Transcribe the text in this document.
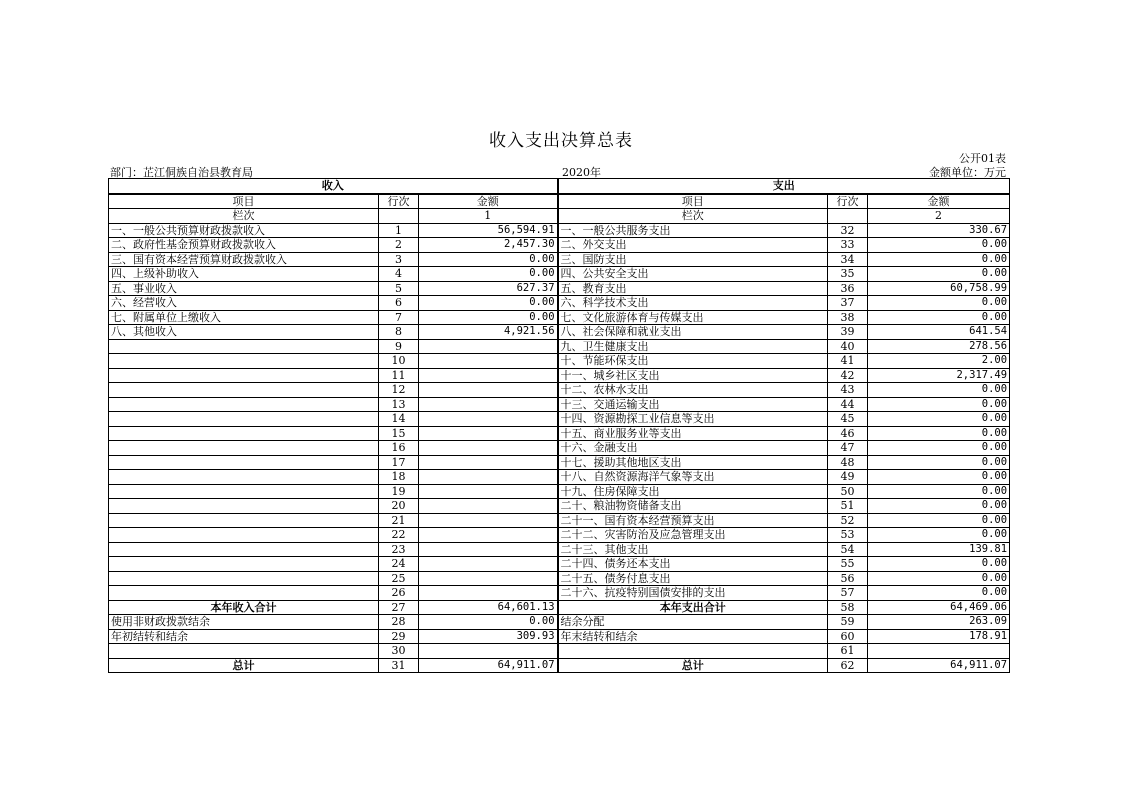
收入支出决算总表
公开01表
部门：芷江侗族自治县教育局	2020年	金额单位：万元
收入			支出		
项目	行次	金额	项目	行次	金额
栏次		1	栏次		2
一、一般公共预算财政拨款收入	1	56,594.91	一、一般公共服务支出	32	330.67
二、政府性基金预算财政拨款收入	2	2,457.30	二、外交支出	33	0.00
三、国有资本经营预算财政拨款收入	3	0.00	三、国防支出	34	0.00
四、上级补助收入	4	0.00	四、公共安全支出	35	0.00
五、事业收入	5	627.37	五、教育支出	36	60,758.99
六、经营收入	6	0.00	六、科学技术支出	37	0.00
七、附属单位上缴收入	7	0.00	七、文化旅游体育与传媒支出	38	0.00
八、其他收入	8	4,921.56	八、社会保障和就业支出	39	641.54
	9		九、卫生健康支出	40	278.56
	10		十、节能环保支出	41	2.00
	11		十一、城乡社区支出	42	2,317.49
	12		十二、农林水支出	43	0.00
	13		十三、交通运输支出	44	0.00
	14		十四、资源勘探工业信息等支出	45	0.00
	15		十五、商业服务业等支出	46	0.00
	16		十六、金融支出	47	0.00
	17		十七、援助其他地区支出	48	0.00
	18		十八、自然资源海洋气象等支出	49	0.00
	19		十九、住房保障支出	50	0.00
	20		二十、粮油物资储备支出	51	0.00
	21		二十一、国有资本经营预算支出	52	0.00
	22		二十二、灾害防治及应急管理支出	53	0.00
	23		二十三、其他支出	54	139.81
	24		二十四、债务还本支出	55	0.00
	25		二十五、债务付息支出	56	0.00
	26		二十六、抗疫特别国债安排的支出	57	0.00
本年收入合计	27	64,601.13	本年支出合计	58	64,469.06
使用非财政拨款结余	28	0.00	结余分配	59	263.09
年初结转和结余	29	309.93	年末结转和结余	60	178.91
	30			61	
总计	31	64,911.07	总计	62	64,911.07
